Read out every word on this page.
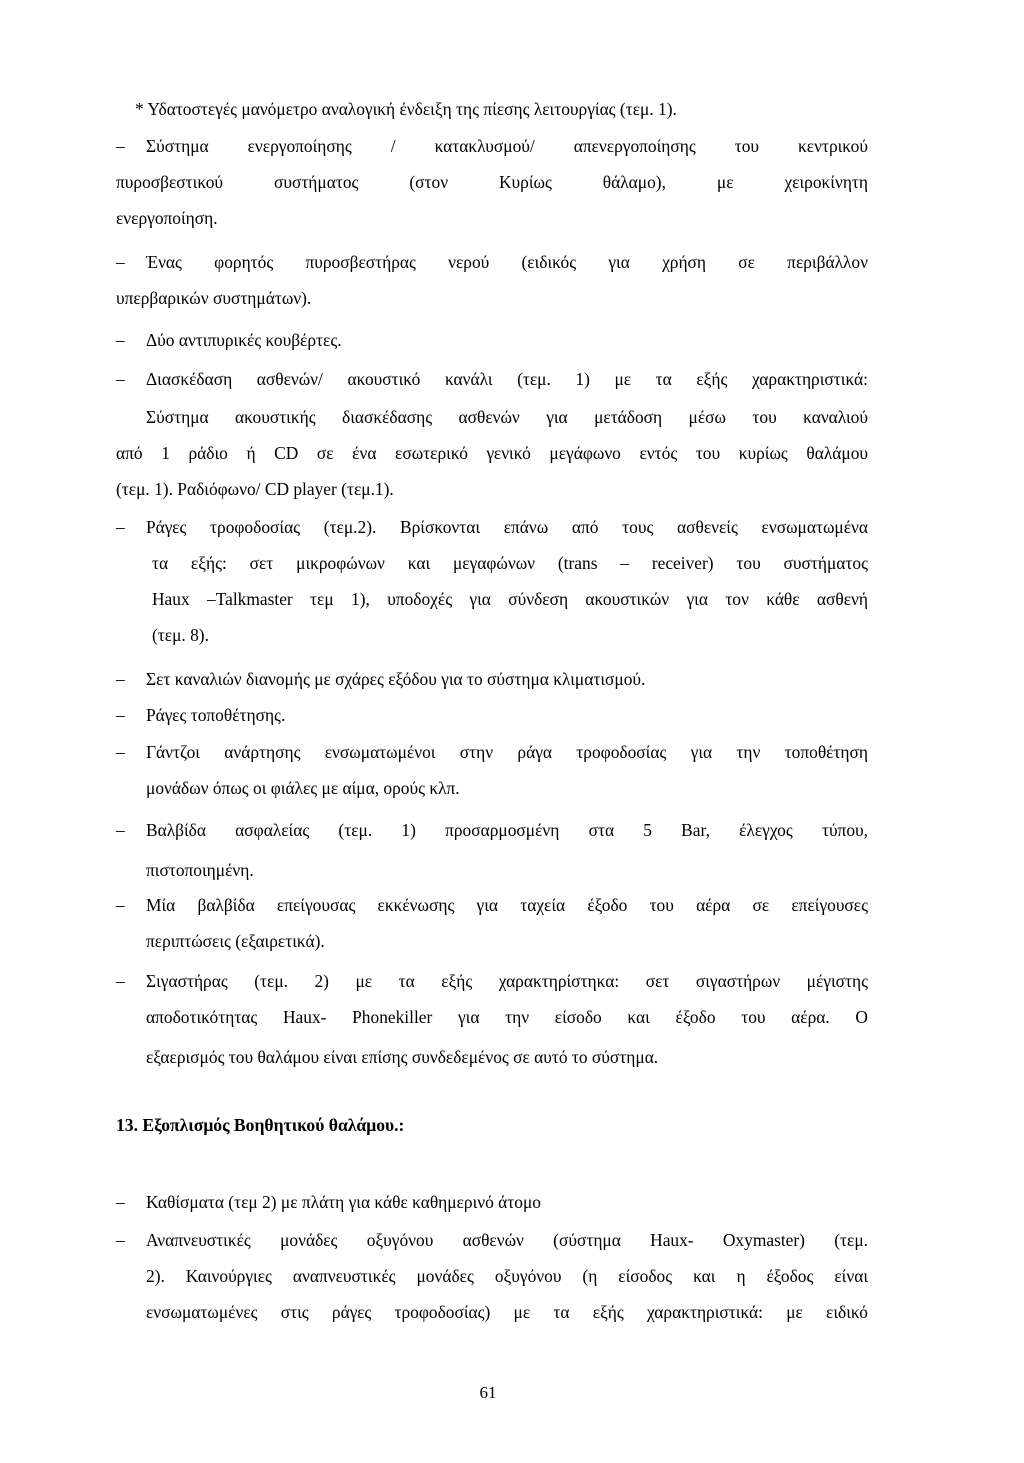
* Υδατοστεγές μανόμετρο αναλογική ένδειξη της πίεσης λειτουργίας (τεμ. 1).
– Σύστημα ενεργοποίησης / κατακλυσμού/ απενεργοποίησης του κεντρικού
πυροσβεστικού συστήματος (στον Κυρίως θάλαμο), με χειροκίνητη
ενεργοποίηση.
– Ένας φορητός πυροσβεστήρας νερού (ειδικός για χρήση σε περιβάλλον
υπερβαρικών συστημάτων).
– Δύο αντιπυρικές κουβέρτες.
– Διασκέδαση ασθενών/ ακουστικό κανάλι (τεμ. 1) με τα εξής χαρακτηριστικά:
Σύστημα ακουστικής διασκέδασης ασθενών για μετάδοση μέσω του καναλιού
από 1 ράδιο ή CD σε ένα εσωτερικό γενικό μεγάφωνο εντός του κυρίως θαλάμου
(τεμ. 1). Ραδιόφωνο/ CD player (τεμ.1).
– Ράγες τροφοδοσίας (τεμ.2). Βρίσκονται επάνω από τους ασθενείς ενσωματωμένα
τα εξής: σετ μικροφώνων και μεγαφώνων (trans – receiver) του συστήματος
Haux –Talkmaster τεμ 1), υποδοχές για σύνδεση ακουστικών για τον κάθε ασθενή
(τεμ. 8).
– Σετ καναλιών διανομής με σχάρες εξόδου για το σύστημα κλιματισμού.
– Ράγες τοποθέτησης.
– Γάντζοι ανάρτησης ενσωματωμένοι στην ράγα τροφοδοσίας για την τοποθέτηση
μονάδων όπως οι φιάλες με αίμα, ορούς κλπ.
– Βαλβίδα ασφαλείας (τεμ. 1) προσαρμοσμένη στα 5 Bar, έλεγχος τύπου,
πιστοποιημένη.
– Μία βαλβίδα επείγουσας εκκένωσης για ταχεία έξοδο του αέρα σε επείγουσες
περιπτώσεις (εξαιρετικά).
– Σιγαστήρας (τεμ. 2) με τα εξής χαρακτηρίστηκα: σετ σιγαστήρων μέγιστης
αποδοτικότητας Haux- Phonekiller για την είσοδο και έξοδο του αέρα. Ο
εξαερισμός του θαλάμου είναι επίσης συνδεδεμένος σε αυτό το σύστημα.
13. Εξοπλισμός Βοηθητικού θαλάμου.:
– Καθίσματα (τεμ 2) με πλάτη για κάθε καθημερινό άτομο
– Αναπνευστικές μονάδες οξυγόνου ασθενών (σύστημα Haux- Oxymaster) (τεμ.
2). Καινούργιες αναπνευστικές μονάδες οξυγόνου (η είσοδος και η έξοδος είναι
ενσωματωμένες στις ράγες τροφοδοσίας) με τα εξής χαρακτηριστικά: με ειδικό
61
